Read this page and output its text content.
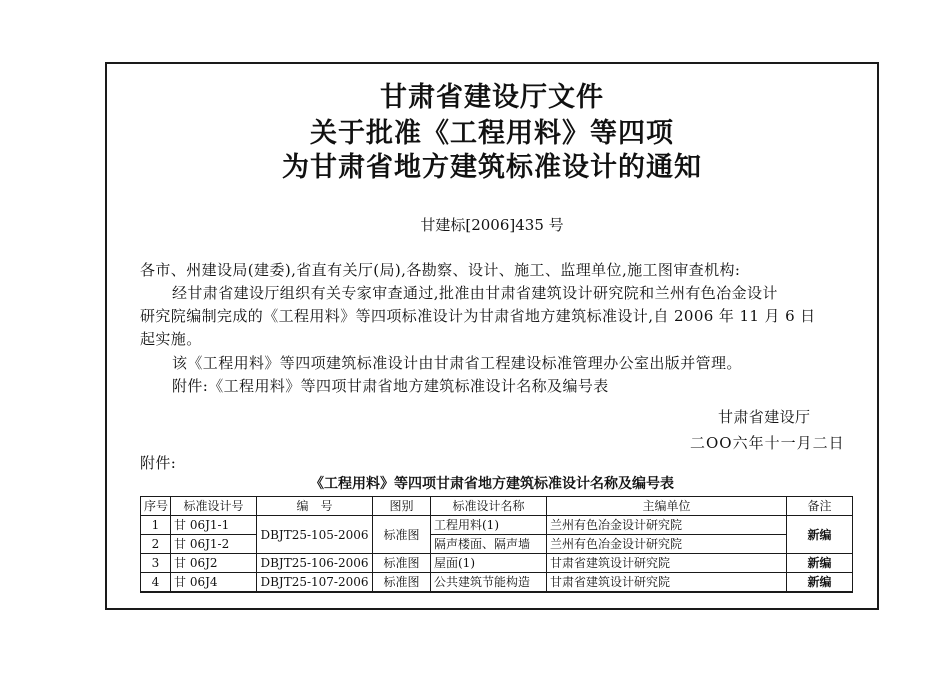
甘肃省建设厅文件
关于批准《工程用料》等四项
为甘肃省地方建筑标准设计的通知
甘建标[2006]435 号
各市、州建设局(建委),省直有关厅(局),各勘察、设计、施工、监理单位,施工图审查机构:
经甘肃省建设厅组织有关专家审查通过,批准由甘肃省建筑设计研究院和兰州有色冶金设计
研究院编制完成的《工程用料》等四项标准设计为甘肃省地方建筑标准设计,自 2006 年 11 月 6 日
起实施。
该《工程用料》等四项建筑标准设计由甘肃省工程建设标准管理办公室出版并管理。
附件:《工程用料》等四项甘肃省地方建筑标准设计名称及编号表
甘肃省建设厅
二OO六年十一月二日
附件:
《工程用料》等四项甘肃省地方建筑标准设计名称及编号表
序号	标准设计号	编　号	图别	标准设计名称	主编单位	备注
1	甘 06J1-1	DBJT25-105-2006	标准图	工程用料(1)	兰州有色冶金设计研究院	新编
2	甘 06J1-2			隔声楼面、隔声墙	兰州有色冶金设计研究院	
3	甘 06J2	DBJT25-106-2006	标准图	屋面(1)	甘肃省建筑设计研究院	新编
4	甘 06J4	DBJT25-107-2006	标准图	公共建筑节能构造	甘肃省建筑设计研究院	新编
